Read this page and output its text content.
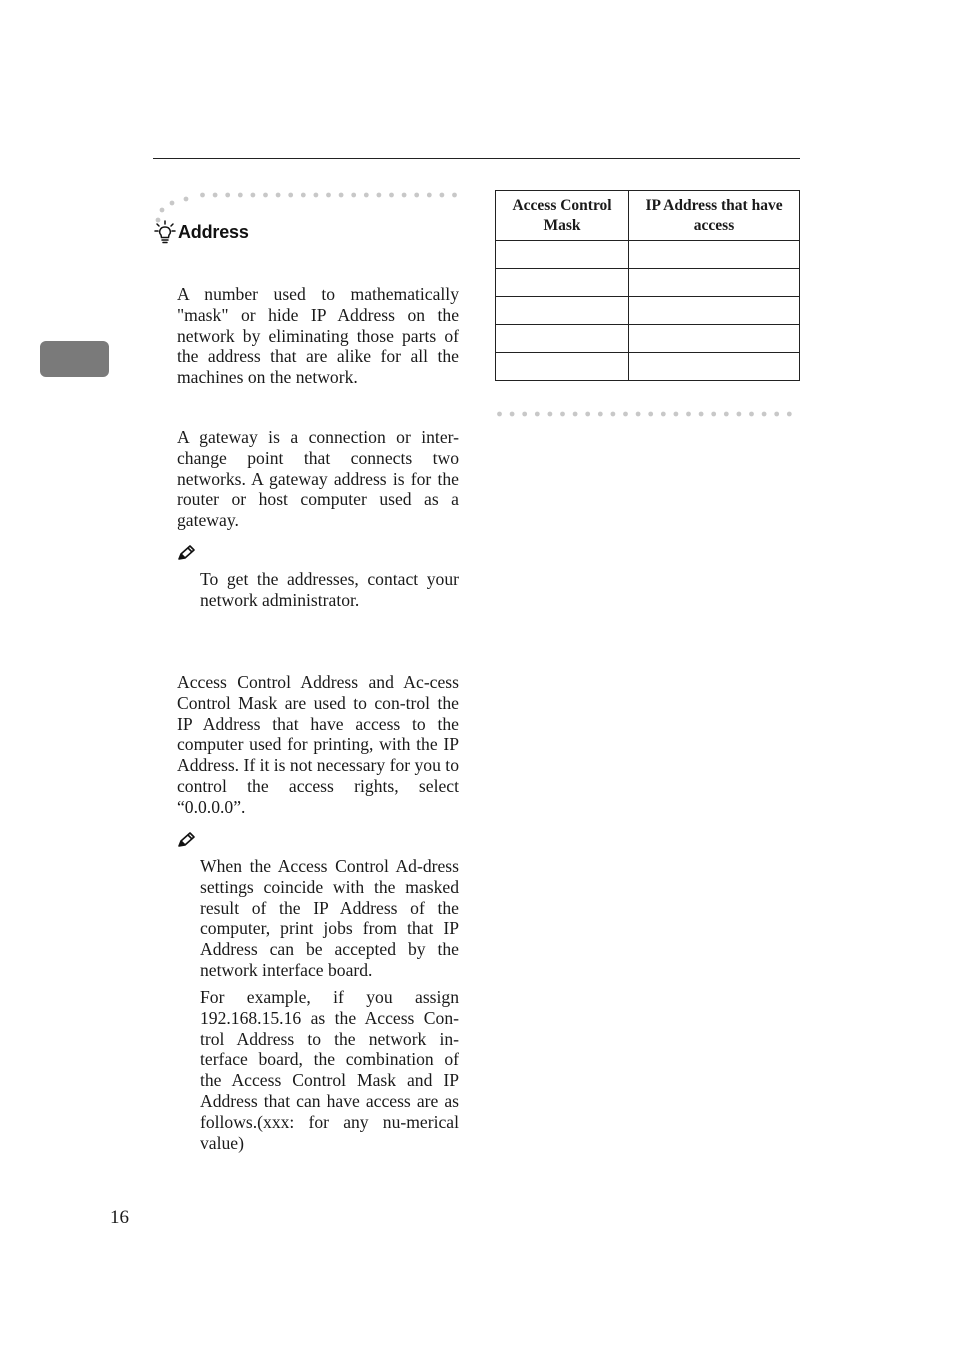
Address

A number used to mathematically "mask" or hide IP Address on the network by eliminating those parts of the address that are alike for all the machines on the network.

A gateway is a connection or inter-change point that connects two networks. A gateway address is for the router or host computer used as a gateway.

To get the addresses, contact your network administrator.

Access Control Address and Ac-cess Control Mask are used to con-trol the IP Address that have access to the computer used for printing, with the IP Address. If it is not necessary for you to control the access rights, select “0.0.0.0”.

When the Access Control Ad-dress settings coincide with the masked result of the IP Address of the computer, print jobs from that IP Address can be accepted by the network interface board.

For example, if you assign 192.168.15.16 as the Access Con-trol Address to the network in-terface board, the combination of the Access Control Mask and IP Address that can have access are as follows.(xxx: for any nu-merical value)

Access Control Mask	IP Address that have access

16
